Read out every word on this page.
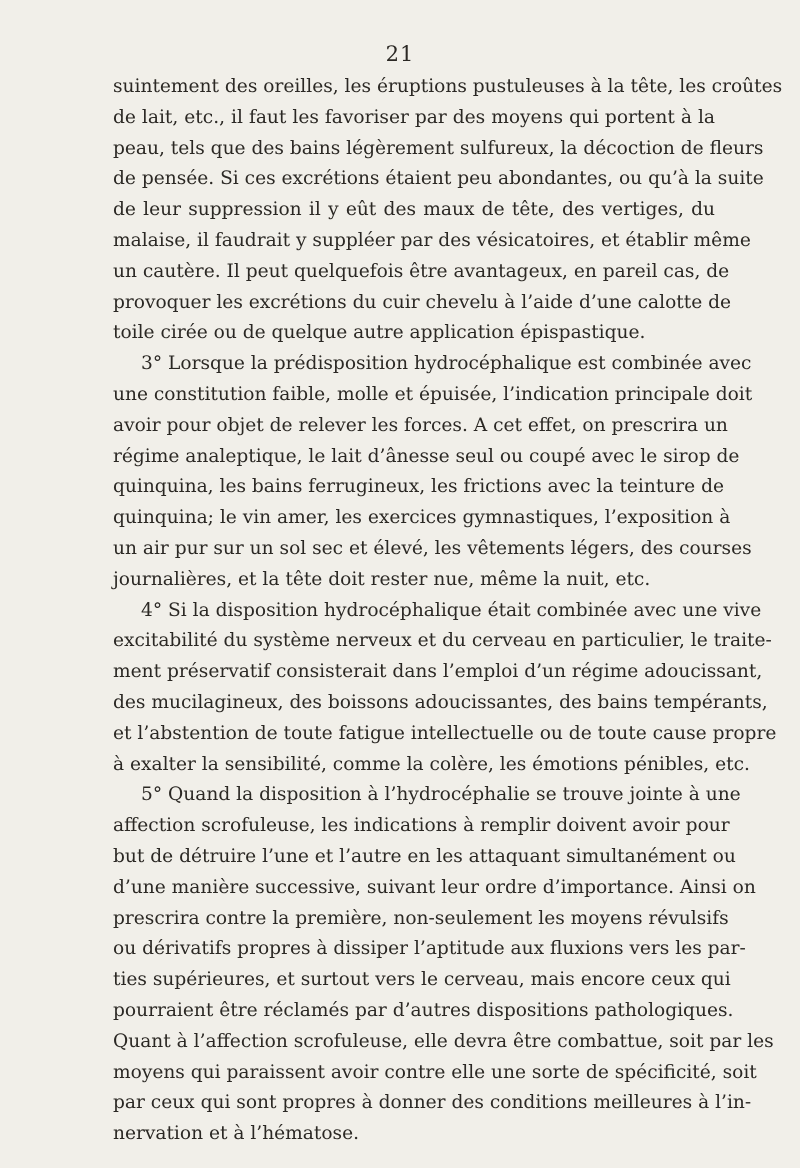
21
suintement des oreilles, les éruptions pustuleuses à la tête, les croûtes
de lait, etc., il faut les favoriser par des moyens qui portent à la
peau, tels que des bains légèrement sulfureux, la décoction de fleurs
de pensée. Si ces excrétions étaient peu abondantes, ou qu’à la suite
de leur suppression il y eût des maux de tête, des vertiges, du
malaise, il faudrait y suppléer par des vésicatoires, et établir même
un cautère. Il peut quelquefois être avantageux, en pareil cas, de
provoquer les excrétions du cuir chevelu à l’aide d’une calotte de
toile cirée ou de quelque autre application épispastique.
3° Lorsque la prédisposition hydrocéphalique est combinée avec
une constitution faible, molle et épuisée, l’indication principale doit
avoir pour objet de relever les forces. A cet effet, on prescrira un
régime analeptique, le lait d’ânesse seul ou coupé avec le sirop de
quinquina, les bains ferrugineux, les frictions avec la teinture de
quinquina; le vin amer, les exercices gymnastiques, l’exposition à
un air pur sur un sol sec et élevé, les vêtements légers, des courses
journalières, et la tête doit rester nue, même la nuit, etc.
4° Si la disposition hydrocéphalique était combinée avec une vive
excitabilité du système nerveux et du cerveau en particulier, le traite-
ment préservatif consisterait dans l’emploi d’un régime adoucissant,
des mucilagineux, des boissons adoucissantes, des bains tempérants,
et l’abstention de toute fatigue intellectuelle ou de toute cause propre
à exalter la sensibilité, comme la colère, les émotions pénibles, etc.
5° Quand la disposition à l’hydrocéphalie se trouve jointe à une
affection scrofuleuse, les indications à remplir doivent avoir pour
but de détruire l’une et l’autre en les attaquant simultanément ou
d’une manière successive, suivant leur ordre d’importance. Ainsi on
prescrira contre la première, non-seulement les moyens révulsifs
ou dérivatifs propres à dissiper l’aptitude aux fluxions vers les par-
ties supérieures, et surtout vers le cerveau, mais encore ceux qui
pourraient être réclamés par d’autres dispositions pathologiques.
Quant à l’affection scrofuleuse, elle devra être combattue, soit par les
moyens qui paraissent avoir contre elle une sorte de spécificité, soit
par ceux qui sont propres à donner des conditions meilleures à l’in-
nervation et à l’hématose.
